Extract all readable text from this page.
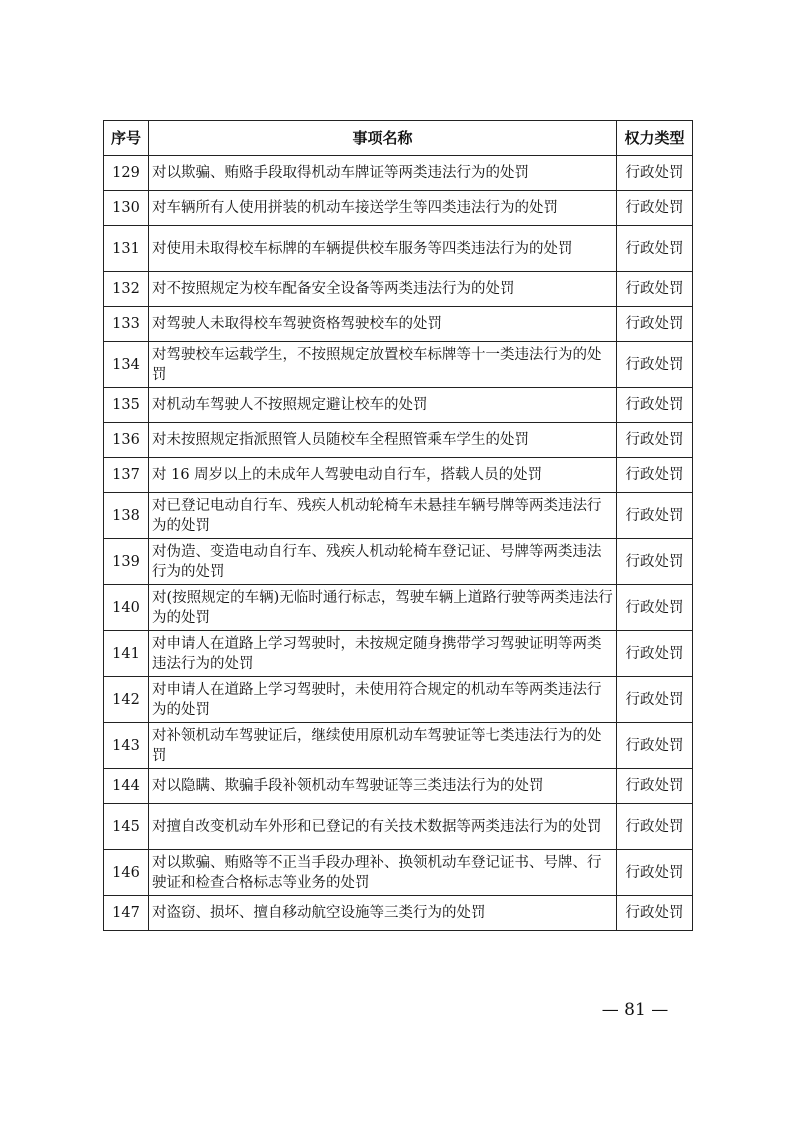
序号	事项名称	权力类型
129	对以欺骗、贿赂手段取得机动车牌证等两类违法行为的处罚	行政处罚
130	对车辆所有人使用拼装的机动车接送学生等四类违法行为的处罚	行政处罚
131	对使用未取得校车标牌的车辆提供校车服务等四类违法行为的处罚	行政处罚
132	对不按照规定为校车配备安全设备等两类违法行为的处罚	行政处罚
133	对驾驶人未取得校车驾驶资格驾驶校车的处罚	行政处罚
134	对驾驶校车运载学生，不按照规定放置校车标牌等十一类违法行为的处罚	行政处罚
135	对机动车驾驶人不按照规定避让校车的处罚	行政处罚
136	对未按照规定指派照管人员随校车全程照管乘车学生的处罚	行政处罚
137	对 16 周岁以上的未成年人驾驶电动自行车，搭载人员的处罚	行政处罚
138	对已登记电动自行车、残疾人机动轮椅车未悬挂车辆号牌等两类违法行为的处罚	行政处罚
139	对伪造、变造电动自行车、残疾人机动轮椅车登记证、号牌等两类违法行为的处罚	行政处罚
140	对(按照规定的车辆)无临时通行标志，驾驶车辆上道路行驶等两类违法行为的处罚	行政处罚
141	对申请人在道路上学习驾驶时，未按规定随身携带学习驾驶证明等两类违法行为的处罚	行政处罚
142	对申请人在道路上学习驾驶时，未使用符合规定的机动车等两类违法行为的处罚	行政处罚
143	对补领机动车驾驶证后，继续使用原机动车驾驶证等七类违法行为的处罚	行政处罚
144	对以隐瞒、欺骗手段补领机动车驾驶证等三类违法行为的处罚	行政处罚
145	对擅自改变机动车外形和已登记的有关技术数据等两类违法行为的处罚	行政处罚
146	对以欺骗、贿赂等不正当手段办理补、换领机动车登记证书、号牌、行驶证和检查合格标志等业务的处罚	行政处罚
147	对盗窃、损坏、擅自移动航空设施等三类行为的处罚	行政处罚
— 81 —
